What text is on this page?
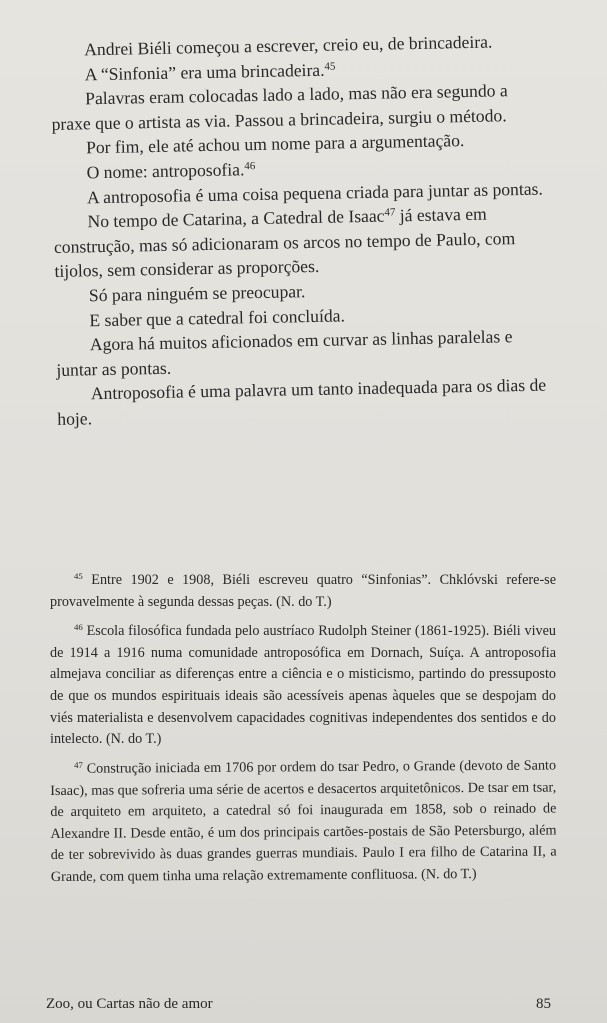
Andrei Biéli começou a escrever, creio eu, de brincadeira.

A “Sinfonia” era uma brincadeira.$^{45}$

Palavras eram colocadas lado a lado, mas não era segundo a praxe que o artista as via. Passou a brincadeira, surgiu o método.

Por fim, ele até achou um nome para a argumentação.

O nome: antroposofia.$^{46}$

A antroposofia é uma coisa pequena criada para juntar as pontas.

No tempo de Catarina, a Catedral de Isaac$^{47}$ já estava em construção, mas só adicionaram os arcos no tempo de Paulo, com tijolos, sem considerar as proporções.

Só para ninguém se preocupar.

E saber que a catedral foi concluída.

Agora há muitos aficionados em curvar as linhas paralelas e juntar as pontas.

Antroposofia é uma palavra um tanto inadequada para os dias de hoje.

$^{45}$ Entre 1902 e 1908, Biéli escreveu quatro “Sinfonias”. Chklóvski refere-se provavelmente à segunda dessas peças. (N. do T.)

$^{46}$ Escola filosófica fundada pelo austríaco Rudolph Steiner (1861-1925). Biéli viveu de 1914 a 1916 numa comunidade antroposófica em Dornach, Suíça. A antroposofia almejava conciliar as diferenças entre a ciência e o misticismo, partindo do pressuposto de que os mundos espirituais ideais são acessíveis apenas àqueles que se despojam do viés materialista e desenvolvem capacidades cognitivas independentes dos sentidos e do intelecto. (N. do T.)

$^{47}$ Construção iniciada em 1706 por ordem do tsar Pedro, o Grande (devoto de Santo Isaac), mas que sofreria uma série de acertos e desacertos arquitetônicos. De tsar em tsar, de arquiteto em arquiteto, a catedral só foi inaugurada em 1858, sob o reinado de Alexandre II. Desde então, é um dos principais cartões-postais de São Petersburgo, além de ter sobrevivido às duas grandes guerras mundiais. Paulo I era filho de Catarina II, a Grande, com quem tinha uma relação extremamente conflituosa. (N. do T.)

Zoo, ou Cartas não de amor	85
